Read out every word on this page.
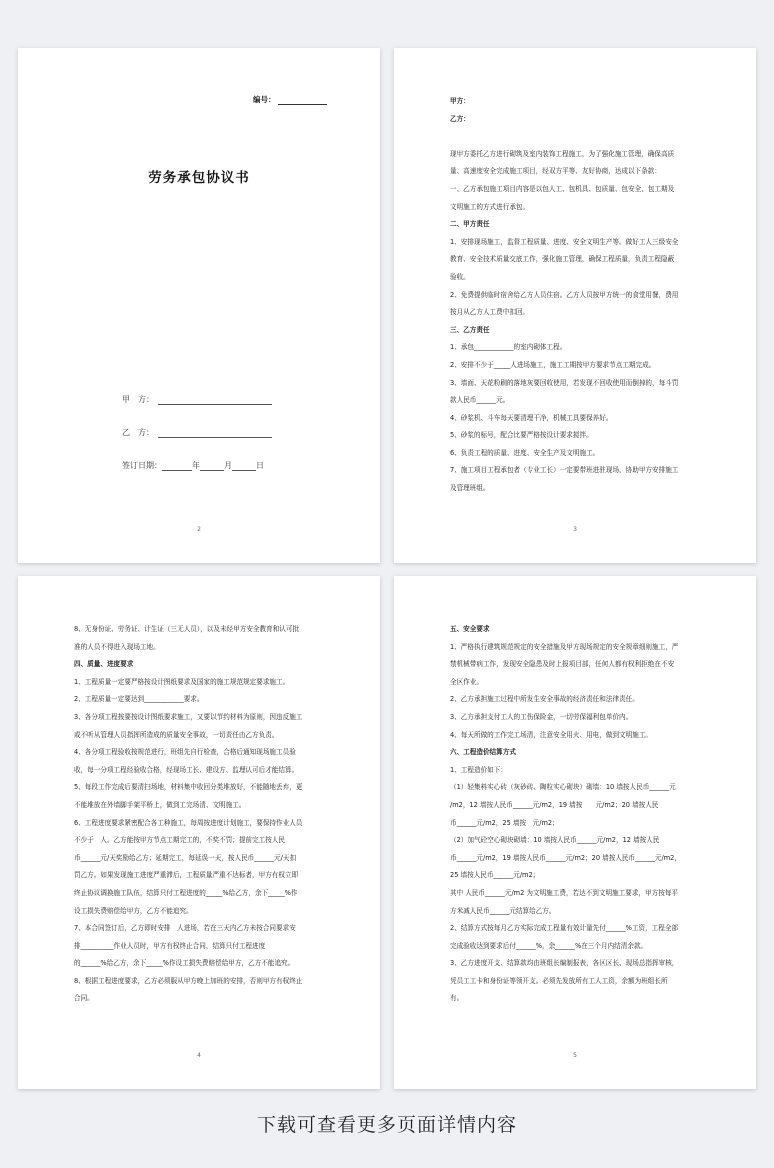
编号：
劳务承包协议书
甲　方：
乙　方：
签订日期：	年	月	日
2

甲方：

乙方：

现甲方委托乙方进行砌筑及室内装饰工程施工，为了强化施工管理，确保高质

量、高速度安全完成施工项目，经双方平等、友好协商，达成以下条款：

一、乙方承包施工项目内容是以包人工、包机具、包质量、包安全、包工期及

文明施工的方式进行承包。

二、甲方责任

1、安排现场施工，监督工程质量、进度、安全文明生产等。做好工人三级安全

教育、安全技术质量交底工作，强化施工管理，确保工程质量，负责工程隐蔽

验收。

2、免费提供临时宿舍给乙方人员住宿。乙方人员按甲方统一的食堂用餐，费用

按月从乙方人工费中扣回。

三、乙方责任

1、承包____________的室内砌体工程。

2、安排不少于_____人进场施工，施工工期按甲方要求节点工期完成。

3、墙面、天花粉刷的落地灰要回收使用，若发现不回收使用而倒掉的，每斗罚

款人民币______元。

4、砂浆机、斗车每天要清理干净，机械工具要保养好。

5、砂浆的标号，配合比要严格按设计要求搅拌。

6、负责工程的质量、进度、安全生产及文明施工。

7、施工项目工程承包者（专业工长）一定要带班进驻现场，协助甲方安排施工

及管理班组。

3

8、无身份证、劳务证、计生证（三无人员），以及未经甲方安全教育和认可批

准的人员不得进入现场工地。

四、质量、进度要求

1、工程质量一定要严格按设计图纸要求及国家的施工规范规定要求施工。

2、工程质量一定要达到____________要求。

3、各分项工程按要按设计图纸要求施工，又要以节约材料为原则，因违反施工

或不听从管理人员指挥所造成的质量安全事故，一切责任由乙方负责。

4、各分项工程验收按规范进行，班组先自行检查，合格后通知现场施工员验

收，每一分项工程经验收合格，经现场工长、建设方、监理认可后才能结算。

5、每段工作完成后要清扫场地，材料集中收回分类堆放好，不能随地丢弃，更

不能堆放在外墙脚手架平桥上，做到工完场清、文明施工。

6、工程进度要求紧密配合各工种施工，每周按进度计划施工，要保持作业人员

不少于　人。乙方能按甲方节点工期完工的，不奖不罚；提前完工按人民

币______元/天奖励给乙方；延期完工，每延误一天，按人民币______元/天扣

罚乙方。如果发现施工进度严重滞后，工程质量严重不达标者，甲方有权立即

终止协议调换施工队伍，结算只付工程进度的_____%给乙方，余下_____%作

设工损失费赔偿给甲方，乙方不能追究。

7、本合同签订后，乙方即时安排　人进场，若在三天内乙方未按合同要求安

排__________作业人员时，甲方有权终止合同，结算只付工程进度

的______%给乙方，余下_____%作设工损失费赔偿给甲方，乙方不能追究。

8、根据工程进度要求，乙方必须服从甲方晚上加班的安排，否则甲方有权终止

合同。

4

五、安全要求

1、严格执行建筑规范规定的安全措施及甲方现场规定的安全规章细则施工，严

禁机械带病工作，发现安全隐患及时上报项目部，任何人都有权利拒绝在不安

全区作业。

2、乙方承担施工过程中所发生安全事故的经济责任和法律责任。

3、乙方承担支付工人的工伤保险金，一切劳保福利包单价内。

4、每天所做的工作完工场清，注意安全用火、用电，做到文明施工。

六、工程造价结算方式

1、工程造价如下：

（1）轻集料实心砖（灰砂砖、陶粒实心砌块）砌墙：10 墙按人民币______元

/m2，12 墙按人民币______元/m2，19 墙按　　元/m2；20 墙按人民

币______元/m2，25 墙按　元/m2；

（2）加气砼空心砌块砌墙：10 墙按人民币______元/m2，12 墙按人民

币______元/m2，19 墙按人民币______元/m2；20 墙按人民币______元/m2，

25 墙按人民币______元/m2；

其中 人民币______元/m2 为文明施工费，若达不到文明施工要求，甲方按每平

方米减人民币______元结算给乙方。

2、结算方式按每月乙方实际完成工程量有效计量先付______%工资，工程全部

完成验收达到要求后付______%，余______%在三个月内结清余款。

3、乙方进度开支、结算款均由班组长编制报表，各区区长、现场总指挥审核，

凭员工工卡和身份证等领开支。必须先发放所有工人工资，余额为班组长所

有。

5
下载可查看更多页面详情内容
